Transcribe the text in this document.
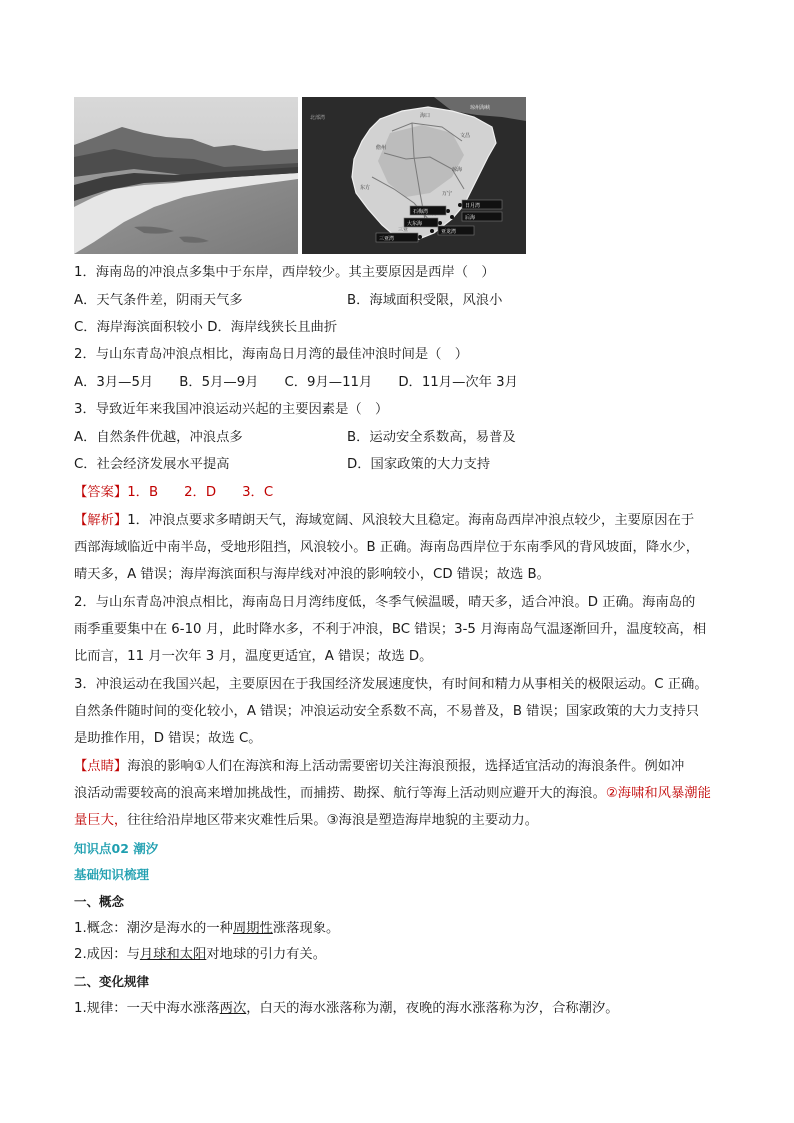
北部湾
琼州海峡
海口
文昌
儋州
琼海
东方
万宁
三亚
日月湾
石梅湾
后海
大东海
亚龙湾
三亚湾
1．海南岛的冲浪点多集中于东岸，西岸较少。其主要原因是西岸（　）
A．天气条件差，阴雨天气多	B．海域面积受限，风浪小
C．海岸海滨面积较小 D．海岸线狭长且曲折
2．与山东青岛冲浪点相比，海南岛日月湾的最佳冲浪时间是（　）
A．3月—5月 B．5月—9月 C．9月—11月 D．11月—次年 3月
3．导致近年来我国冲浪运动兴起的主要因素是（　）
A．自然条件优越，冲浪点多	B．运动安全系数高，易普及
C．社会经济发展水平提高	D．国家政策的大力支持
【答案】1．B 2．D 3．C
【解析】1．冲浪点要求多晴朗天气，海域宽阔、风浪较大且稳定。海南岛西岸冲浪点较少，主要原因在于
西部海域临近中南半岛，受地形阻挡，风浪较小。B 正确。海南岛西岸位于东南季风的背风坡面，降水少，
晴天多，A 错误；海岸海滨面积与海岸线对冲浪的影响较小，CD 错误；故选 B。
2．与山东青岛冲浪点相比，海南岛日月湾纬度低，冬季气候温暖，晴天多，适合冲浪。D 正确。海南岛的
雨季重要集中在 6-10 月，此时降水多，不利于冲浪，BC 错误；3-5 月海南岛气温逐渐回升，温度较高，相
比而言，11 月一次年 3 月，温度更适宜，A 错误；故选 D。
3．冲浪运动在我国兴起，主要原因在于我国经济发展速度快，有时间和精力从事相关的极限运动。C 正确。
自然条件随时间的变化较小，A 错误；冲浪运动安全系数不高，不易普及，B 错误；国家政策的大力支持只
是助推作用，D 错误；故选 C。
【点睛】海浪的影响①人们在海滨和海上活动需要密切关注海浪预报，选择适宜活动的海浪条件。例如冲
浪活动需要较高的浪高来增加挑战性，而捕捞、勘探、航行等海上活动则应避开大的海浪。②海啸和风暴潮能
量巨大，往往给沿岸地区带来灾难性后果。③海浪是塑造海岸地貌的主要动力。
知识点02 潮汐
基础知识梳理
一、概念
1.概念：潮汐是海水的一种周期性涨落现象。
2.成因：与月球和太阳对地球的引力有关。
二、变化规律
1.规律：一天中海水涨落两次，白天的海水涨落称为潮，夜晚的海水涨落称为汐，合称潮汐。
